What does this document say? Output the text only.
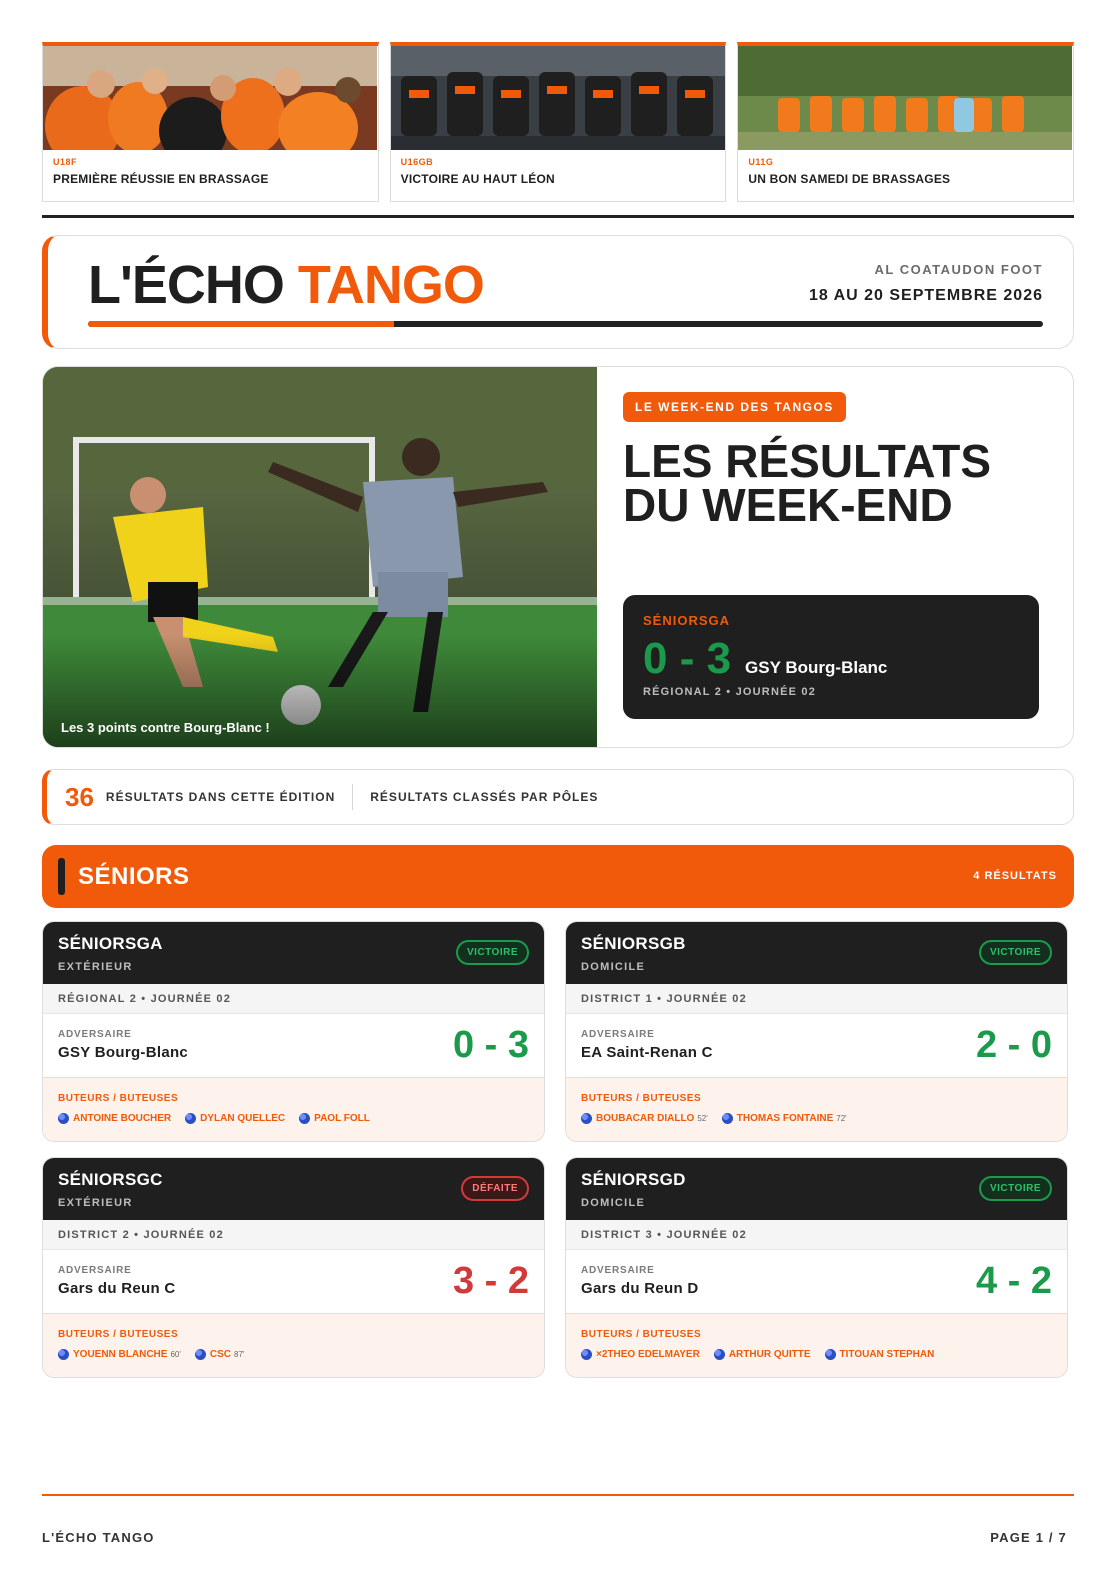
U18F
PREMIÈRE RÉUSSIE EN BRASSAGE
U16GB
VICTOIRE AU HAUT LÉON
U11G
UN BON SAMEDI DE BRASSAGES
L'ÉCHO TANGO	AL COATAUDON FOOT
18 AU 20 SEPTEMBRE 2026
Les 3 points contre Bourg-Blanc !
LE WEEK-END DES TANGOS
LES RÉSULTATS
DU WEEK-END
SÉNIORSGA
0 - 3 GSY Bourg-Blanc
RÉGIONAL 2 • JOURNÉE 02
36 RÉSULTATS DANS CETTE ÉDITION	RÉSULTATS CLASSÉS PAR PÔLES
SÉNIORS	4 RÉSULTATS
SÉNIORSGA
EXTÉRIEUR
VICTOIRE
RÉGIONAL 2 • JOURNÉE 02
ADVERSAIRE
GSY Bourg-Blanc	0 - 3
BUTEURS / BUTEUSES
ANTOINE BOUCHER	DYLAN QUELLEC	PAOL FOLL
SÉNIORSGB
DOMICILE
VICTOIRE
DISTRICT 1 • JOURNÉE 02
ADVERSAIRE
EA Saint-Renan C	2 - 0
BUTEURS / BUTEUSES
BOUBACAR DIALLO 52'	THOMAS FONTAINE 72'
SÉNIORSGC
EXTÉRIEUR
DÉFAITE
DISTRICT 2 • JOURNÉE 02
ADVERSAIRE
Gars du Reun C	3 - 2
BUTEURS / BUTEUSES
YOUENN BLANCHE 60'	CSC 87'
SÉNIORSGD
DOMICILE
VICTOIRE
DISTRICT 3 • JOURNÉE 02
ADVERSAIRE
Gars du Reun D	4 - 2
BUTEURS / BUTEUSES
×2THEO EDELMAYER	ARTHUR QUITTE	TITOUAN STEPHAN
L'ÉCHO TANGO	PAGE 1 / 7
